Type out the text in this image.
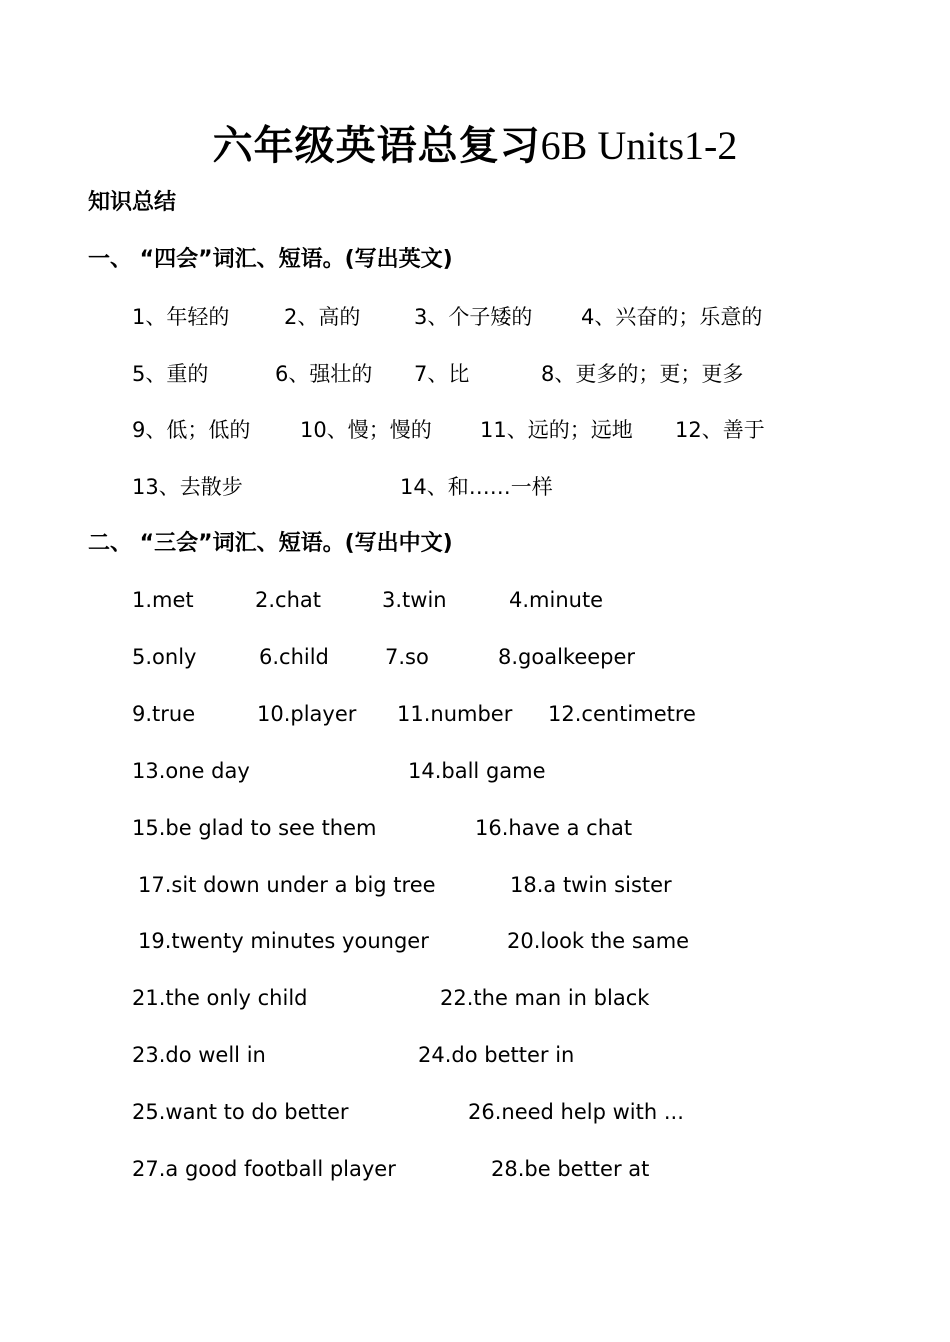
六年级英语总复习6B Units1-2
知识总结
一、 “四会”词汇、短语。(写出英文)
1、年轻的	2、高的	3、个子矮的 4、兴奋的；乐意的
5、重的	6、强壮的 7、比	8、更多的；更；更多
9、低；低的 10、慢；慢的 11、远的；远地 12、善于
13、去散步	14、和……一样
二、 “三会”词汇、短语。(写出中文)
1.met	2.chat	3.twin	4.minute
5.only	6.child	7.so	8.goalkeeper
9.true	10.player 11.number 12.centimetre
13.one day	14.ball game
15.be glad to see them	16.have a chat
17.sit down under a big tree	18.a twin sister
19.twenty minutes younger	20.look the same
21.the only child	22.the man in black
23.do well in	24.do better in
25.want to do better	26.need help with ...
27.a good football player	28.be better at
